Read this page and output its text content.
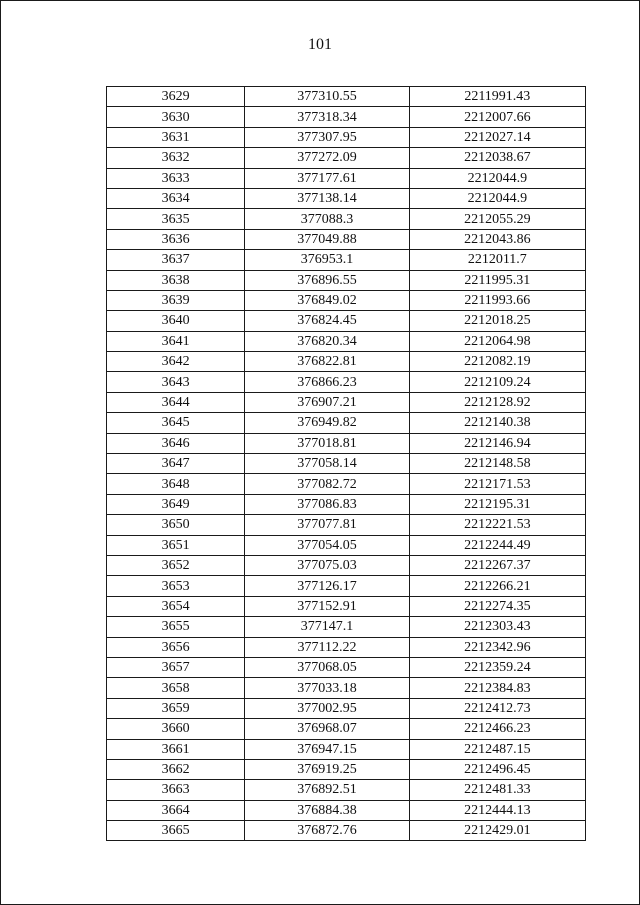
101
3629	377310.55	2211991.43
3630	377318.34	2212007.66
3631	377307.95	2212027.14
3632	377272.09	2212038.67
3633	377177.61	2212044.9
3634	377138.14	2212044.9
3635	377088.3	2212055.29
3636	377049.88	2212043.86
3637	376953.1	2212011.7
3638	376896.55	2211995.31
3639	376849.02	2211993.66
3640	376824.45	2212018.25
3641	376820.34	2212064.98
3642	376822.81	2212082.19
3643	376866.23	2212109.24
3644	376907.21	2212128.92
3645	376949.82	2212140.38
3646	377018.81	2212146.94
3647	377058.14	2212148.58
3648	377082.72	2212171.53
3649	377086.83	2212195.31
3650	377077.81	2212221.53
3651	377054.05	2212244.49
3652	377075.03	2212267.37
3653	377126.17	2212266.21
3654	377152.91	2212274.35
3655	377147.1	2212303.43
3656	377112.22	2212342.96
3657	377068.05	2212359.24
3658	377033.18	2212384.83
3659	377002.95	2212412.73
3660	376968.07	2212466.23
3661	376947.15	2212487.15
3662	376919.25	2212496.45
3663	376892.51	2212481.33
3664	376884.38	2212444.13
3665	376872.76	2212429.01
